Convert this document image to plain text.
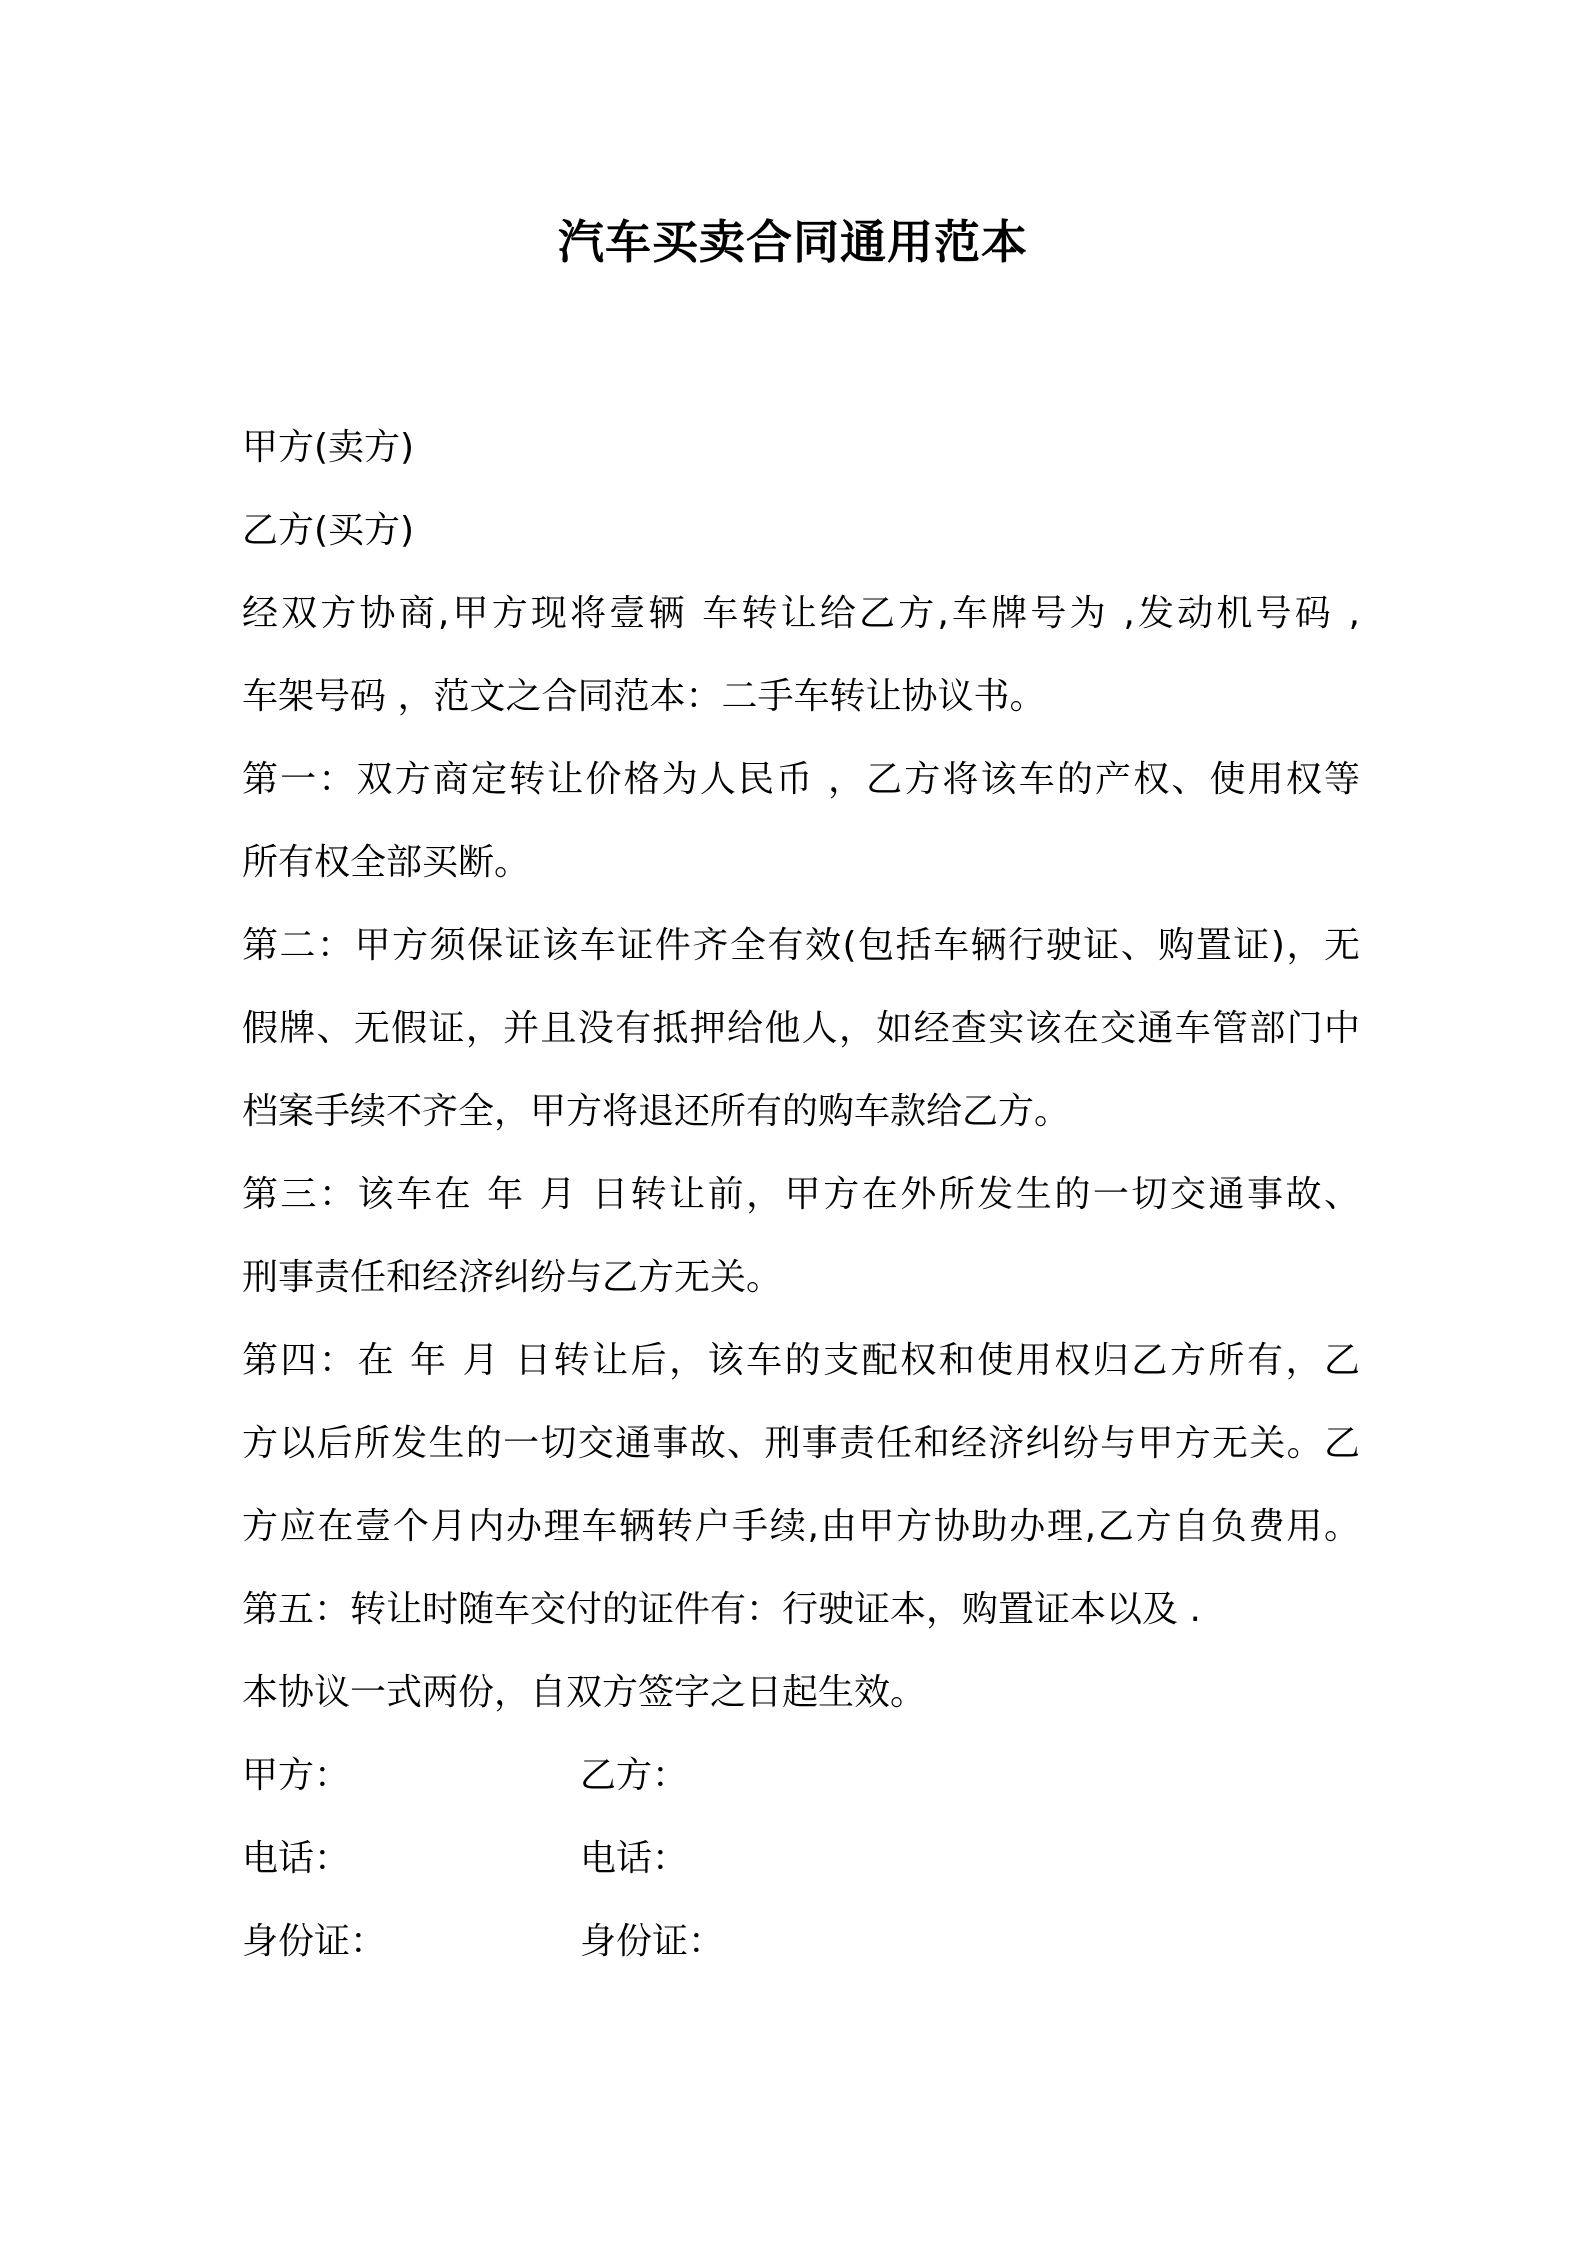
汽车买卖合同通用范本
甲方(卖方)
乙方(买方)
经双方协商,甲方现将壹辆 车转让给乙方,车牌号为 ,发动机号码 ,
车架号码 ，范文之合同范本：二手车转让协议书。
第一：双方商定转让价格为人民币 ，乙方将该车的产权、使用权等
所有权全部买断。
第二：甲方须保证该车证件齐全有效(包括车辆行驶证、购置证)，无
假牌、无假证，并且没有抵押给他人，如经查实该在交通车管部门中
档案手续不齐全，甲方将退还所有的购车款给乙方。
第三：该车在 年 月 日转让前，甲方在外所发生的一切交通事故、
刑事责任和经济纠纷与乙方无关。
第四：在 年 月 日转让后，该车的支配权和使用权归乙方所有，乙
方以后所发生的一切交通事故、刑事责任和经济纠纷与甲方无关。乙
方应在壹个月内办理车辆转户手续,由甲方协助办理,乙方自负费用。
第五：转让时随车交付的证件有：行驶证本，购置证本以及 .
本协议一式两份，自双方签字之日起生效。
甲方：	乙方：
电话：	电话：
身份证：	身份证：
